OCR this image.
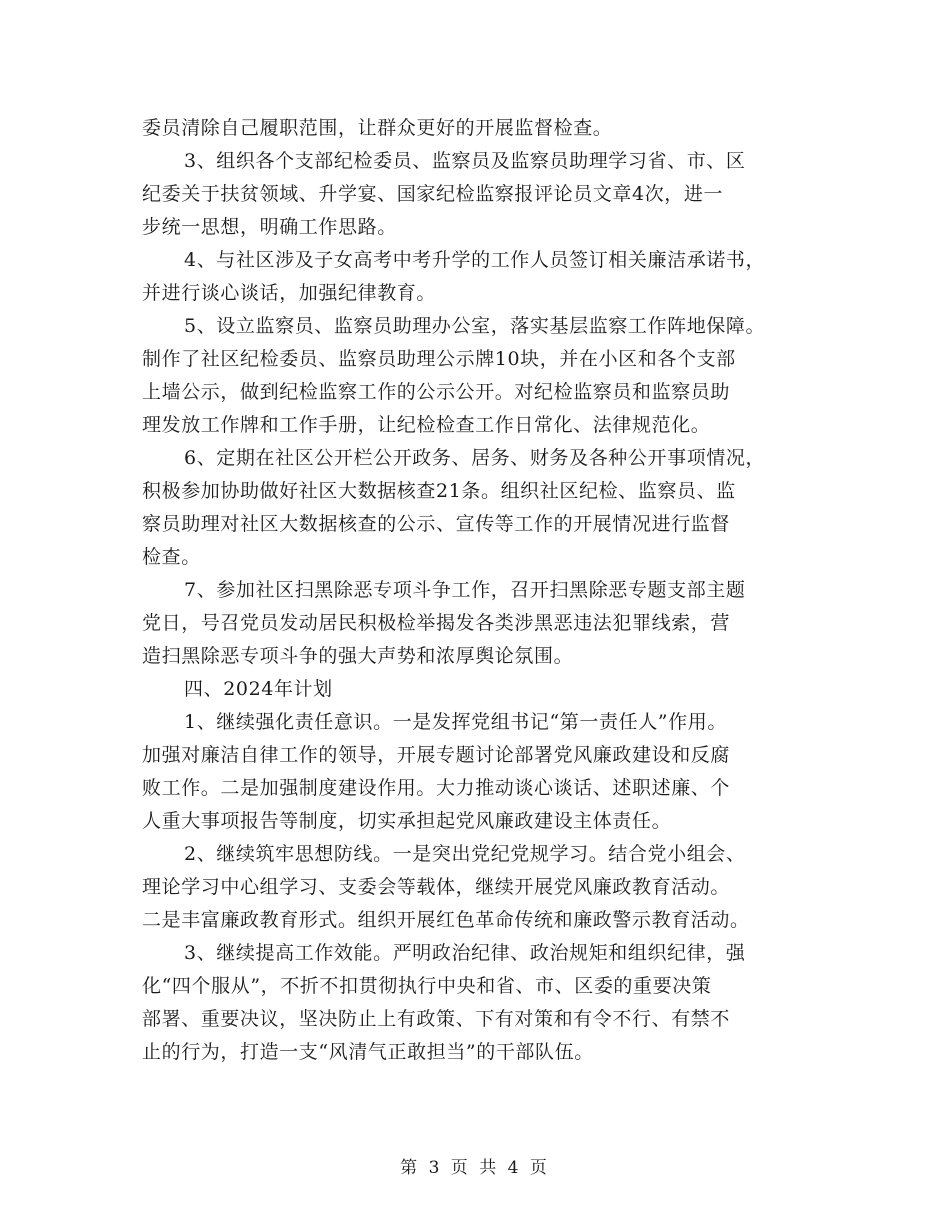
委员清除自己履职范围，让群众更好的开展监督检查。
3、组织各个支部纪检委员、监察员及监察员助理学习省、市、区
纪委关于扶贫领域、升学宴、国家纪检监察报评论员文章4次，进一
步统一思想，明确工作思路。
4、与社区涉及子女高考中考升学的工作人员签订相关廉洁承诺书，
并进行谈心谈话，加强纪律教育。
5、设立监察员、监察员助理办公室，落实基层监察工作阵地保障。
制作了社区纪检委员、监察员助理公示牌10块，并在小区和各个支部
上墙公示，做到纪检监察工作的公示公开。对纪检监察员和监察员助
理发放工作牌和工作手册，让纪检检查工作日常化、法律规范化。
6、定期在社区公开栏公开政务、居务、财务及各种公开事项情况，
积极参加协助做好社区大数据核查21条。组织社区纪检、监察员、监
察员助理对社区大数据核查的公示、宣传等工作的开展情况进行监督
检查。
7、参加社区扫黑除恶专项斗争工作，召开扫黑除恶专题支部主题
党日，号召党员发动居民积极检举揭发各类涉黑恶违法犯罪线索，营
造扫黑除恶专项斗争的强大声势和浓厚舆论氛围。
四、2024年计划
1、继续强化责任意识。一是发挥党组书记“第一责任人”作用。
加强对廉洁自律工作的领导，开展专题讨论部署党风廉政建设和反腐
败工作。二是加强制度建设作用。大力推动谈心谈话、述职述廉、个
人重大事项报告等制度，切实承担起党风廉政建设主体责任。
2、继续筑牢思想防线。一是突出党纪党规学习。结合党小组会、
理论学习中心组学习、支委会等载体，继续开展党风廉政教育活动。
二是丰富廉政教育形式。组织开展红色革命传统和廉政警示教育活动。
3、继续提高工作效能。严明政治纪律、政治规矩和组织纪律，强
化“四个服从”，不折不扣贯彻执行中央和省、市、区委的重要决策
部署、重要决议，坚决防止上有政策、下有对策和有令不行、有禁不
止的行为，打造一支“风清气正敢担当”的干部队伍。
第 3 页 共 4 页
